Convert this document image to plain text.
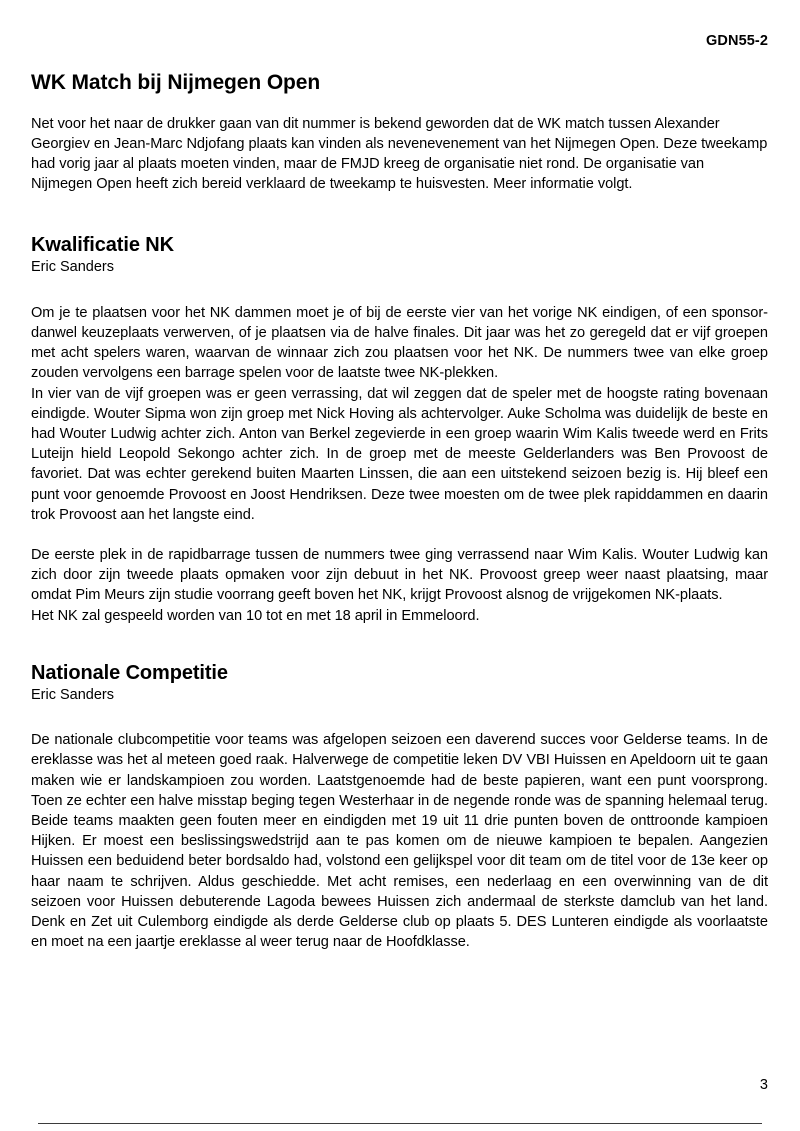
GDN55-2
WK Match bij Nijmegen Open

Net voor het naar de drukker gaan van dit nummer is bekend geworden dat de WK match tussen Alexander Georgiev en Jean-Marc Ndjofang plaats kan vinden als nevenevenement van het Nijmegen Open. Deze tweekamp had vorig jaar al plaats moeten vinden, maar de FMJD kreeg de organisatie niet rond. De organisatie van Nijmegen Open heeft zich bereid verklaard de tweekamp te huisvesten. Meer informatie volgt.

Kwalificatie NK
Eric Sanders

Om je te plaatsen voor het NK dammen moet je of bij de eerste vier van het vorige NK eindigen, of een sponsor- danwel keuzeplaats verwerven, of je plaatsen via de halve finales. Dit jaar was het zo geregeld dat er vijf groepen met acht spelers waren, waarvan de winnaar zich zou plaatsen voor het NK. De nummers twee van elke groep zouden vervolgens een barrage spelen voor de laatste twee NK-plekken.

In vier van de vijf groepen was er geen verrassing, dat wil zeggen dat de speler met de hoogste rating bovenaan eindigde. Wouter Sipma won zijn groep met Nick Hoving als achtervolger. Auke Scholma was duidelijk de beste en had Wouter Ludwig achter zich. Anton van Berkel zegevierde in een groep waarin Wim Kalis tweede werd en Frits Luteijn hield Leopold Sekongo achter zich. In de groep met de meeste Gelderlanders was Ben Provoost de favoriet. Dat was echter gerekend buiten Maarten Linssen, die aan een uitstekend seizoen bezig is. Hij bleef een punt voor genoemde Provoost en Joost Hendriksen. Deze twee moesten om de twee plek rapiddammen en daarin trok Provoost aan het langste eind.

De eerste plek in de rapidbarrage tussen de nummers twee ging verrassend naar Wim Kalis. Wouter Ludwig kan zich door zijn tweede plaats opmaken voor zijn debuut in het NK. Provoost greep weer naast plaatsing, maar omdat Pim Meurs zijn studie voorrang geeft boven het NK, krijgt Provoost alsnog de vrijgekomen NK-plaats.

Het NK zal gespeeld worden van 10 tot en met 18 april in Emmeloord.

Nationale Competitie
Eric Sanders

De nationale clubcompetitie voor teams was afgelopen seizoen een daverend succes voor Gelderse teams. In de ereklasse was het al meteen goed raak. Halverwege de competitie leken DV VBI Huissen en Apeldoorn uit te gaan maken wie er landskampioen zou worden. Laatstgenoemde had de beste papieren, want een punt voorsprong. Toen ze echter een halve misstap beging tegen Westerhaar in de negende ronde was de spanning helemaal terug. Beide teams maakten geen fouten meer en eindigden met 19 uit 11 drie punten boven de onttroonde kampioen Hijken. Er moest een beslissingswedstrijd aan te pas komen om de nieuwe kampioen te bepalen. Aangezien Huissen een beduidend beter bordsaldo had, volstond een gelijkspel voor dit team om de titel voor de 13e keer op haar naam te schrijven. Aldus geschiedde. Met acht remises, een nederlaag en een overwinning van de dit seizoen voor Huissen debuterende Lagoda bewees Huissen zich andermaal de sterkste damclub van het land. Denk en Zet uit Culemborg eindigde als derde Gelderse club op plaats 5. DES Lunteren eindigde als voorlaatste en moet na een jaartje ereklasse al weer terug naar de Hoofdklasse.

3
